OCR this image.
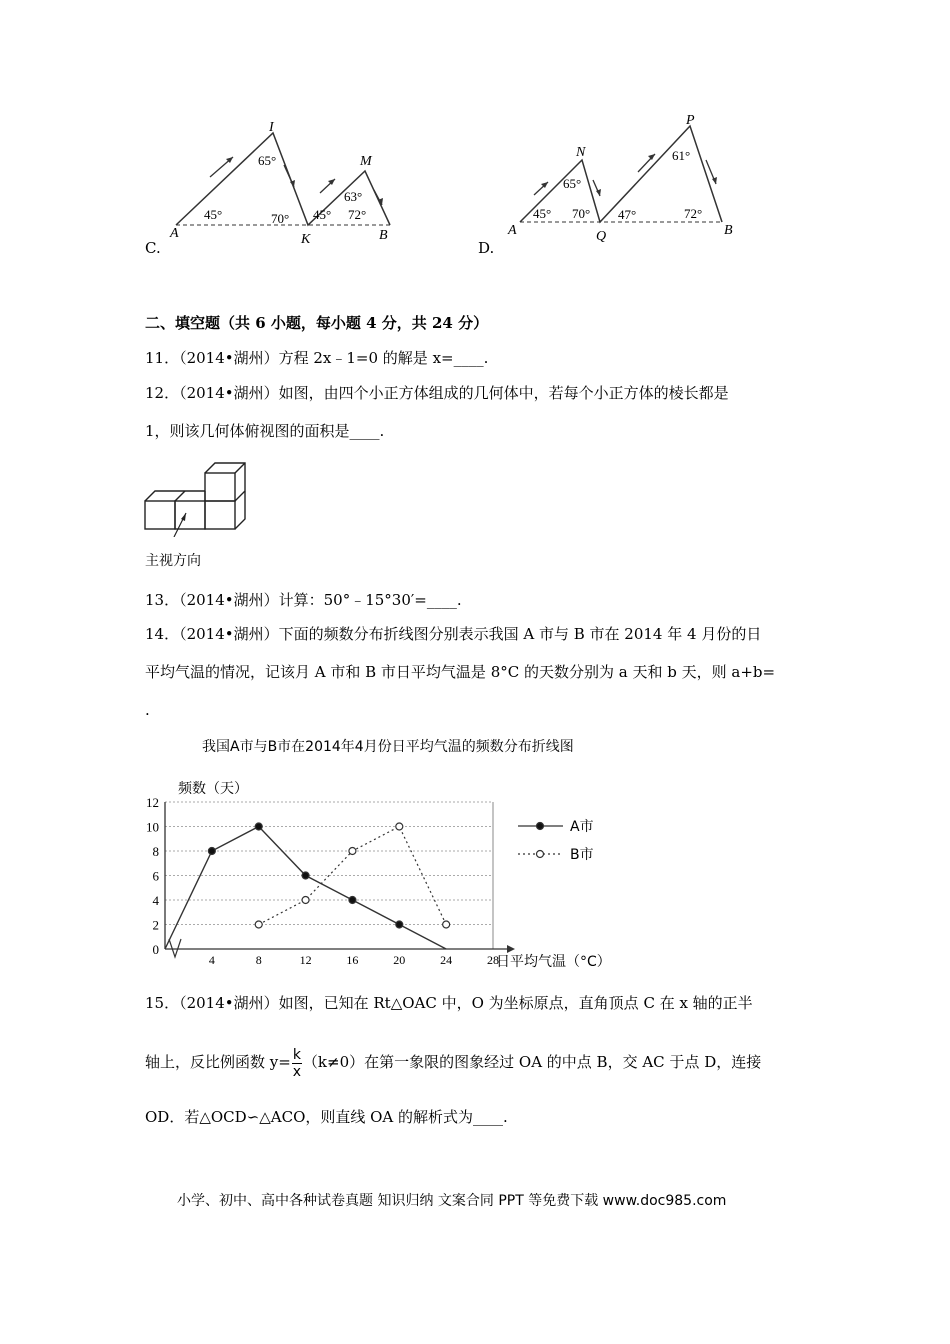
C.
A
I
K
M
B
45°
65°
70° 45°
63°
72°
D.
A
N
Q
P
B
45°
65°
70° 47°
61°
72°
二、填空题（共 6 小题，每小题 4 分，共 24 分）
11．（2014•湖州）方程 2x﹣1=0 的解是 x=____.
12．（2014•湖州）如图，由四个小正方体组成的几何体中，若每个小正方体的棱长都是
1，则该几何体俯视图的面积是____.
主视方向
13．（2014•湖州）计算：50°﹣15°30′=____.
14．（2014•湖州）下面的频数分布折线图分别表示我国 A 市与 B 市在 2014 年 4 月份的日
平均气温的情况，记该月 A 市和 B 市日平均气温是 8°C 的天数分别为 a 天和 b 天，则 a+b=
.
我国A市与B市在2014年4月份日平均气温的频数分布折线图
频数（天）
日平均气温（°C）
0
2
4
6
8
10
12
4	8	12	16	20	24	28
A市
B市
15．（2014•湖州）如图，已知在 Rt△OAC 中，O 为坐标原点，直角顶点 C 在 x 轴的正半
轴上，反比例函数 $y= \frac{k}{x} (k\ne 0)$在第一象限的图象经过 OA 的中点 B，交 AC 于点 D，连接
OD．若△OCD∽△ACO，则直线 OA 的解析式为____.
小学、初中、高中各种试卷真题 知识归纳 文案合同 PPT 等免费下载 www.doc985.com
